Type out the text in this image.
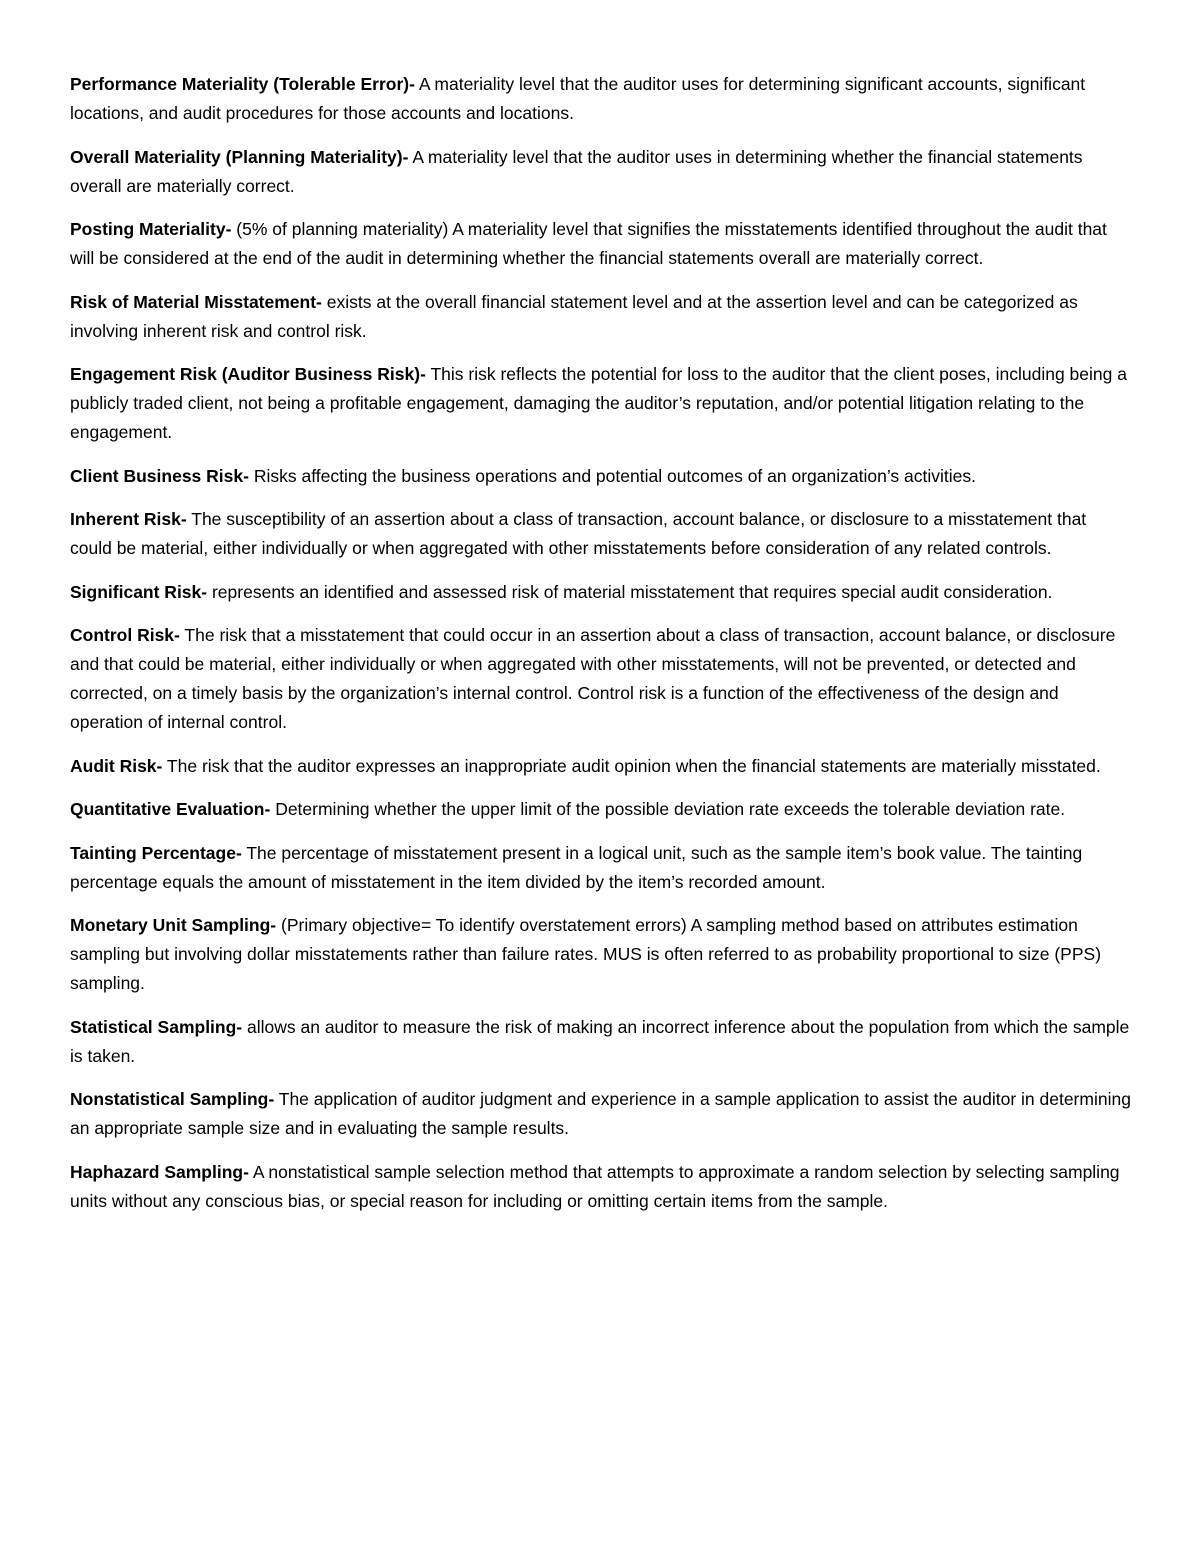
Performance Materiality (Tolerable Error)- A materiality level that the auditor uses for determining significant accounts, significant locations, and audit procedures for those accounts and locations.

Overall Materiality (Planning Materiality)- A materiality level that the auditor uses in determining whether the financial statements overall are materially correct.

Posting Materiality- (5% of planning materiality) A materiality level that signifies the misstatements identified throughout the audit that will be considered at the end of the audit in determining whether the financial statements overall are materially correct.

Risk of Material Misstatement- exists at the overall financial statement level and at the assertion level and can be categorized as involving inherent risk and control risk.

Engagement Risk (Auditor Business Risk)- This risk reflects the potential for loss to the auditor that the client poses, including being a publicly traded client, not being a profitable engagement, damaging the auditor’s reputation, and/or potential litigation relating to the engagement.

Client Business Risk- Risks affecting the business operations and potential outcomes of an organization’s activities.

Inherent Risk- The susceptibility of an assertion about a class of transaction, account balance, or disclosure to a misstatement that could be material, either individually or when aggregated with other misstatements before consideration of any related controls.

Significant Risk- represents an identified and assessed risk of material misstatement that requires special audit consideration.

Control Risk- The risk that a misstatement that could occur in an assertion about a class of transaction, account balance, or disclosure and that could be material, either individually or when aggregated with other misstatements, will not be prevented, or detected and corrected, on a timely basis by the organization’s internal control. Control risk is a function of the effectiveness of the design and operation of internal control.

Audit Risk- The risk that the auditor expresses an inappropriate audit opinion when the financial statements are materially misstated.

Quantitative Evaluation- Determining whether the upper limit of the possible deviation rate exceeds the tolerable deviation rate.

Tainting Percentage- The percentage of misstatement present in a logical unit, such as the sample item’s book value. The tainting percentage equals the amount of misstatement in the item divided by the item’s recorded amount.

Monetary Unit Sampling- (Primary objective= To identify overstatement errors) A sampling method based on attributes estimation sampling but involving dollar misstatements rather than failure rates. MUS is often referred to as probability proportional to size (PPS) sampling.

Statistical Sampling- allows an auditor to measure the risk of making an incorrect inference about the population from which the sample is taken.

Nonstatistical Sampling- The application of auditor judgment and experience in a sample application to assist the auditor in determining an appropriate sample size and in evaluating the sample results.

Haphazard Sampling- A nonstatistical sample selection method that attempts to approximate a random selection by selecting sampling units without any conscious bias, or special reason for including or omitting certain items from the sample.
